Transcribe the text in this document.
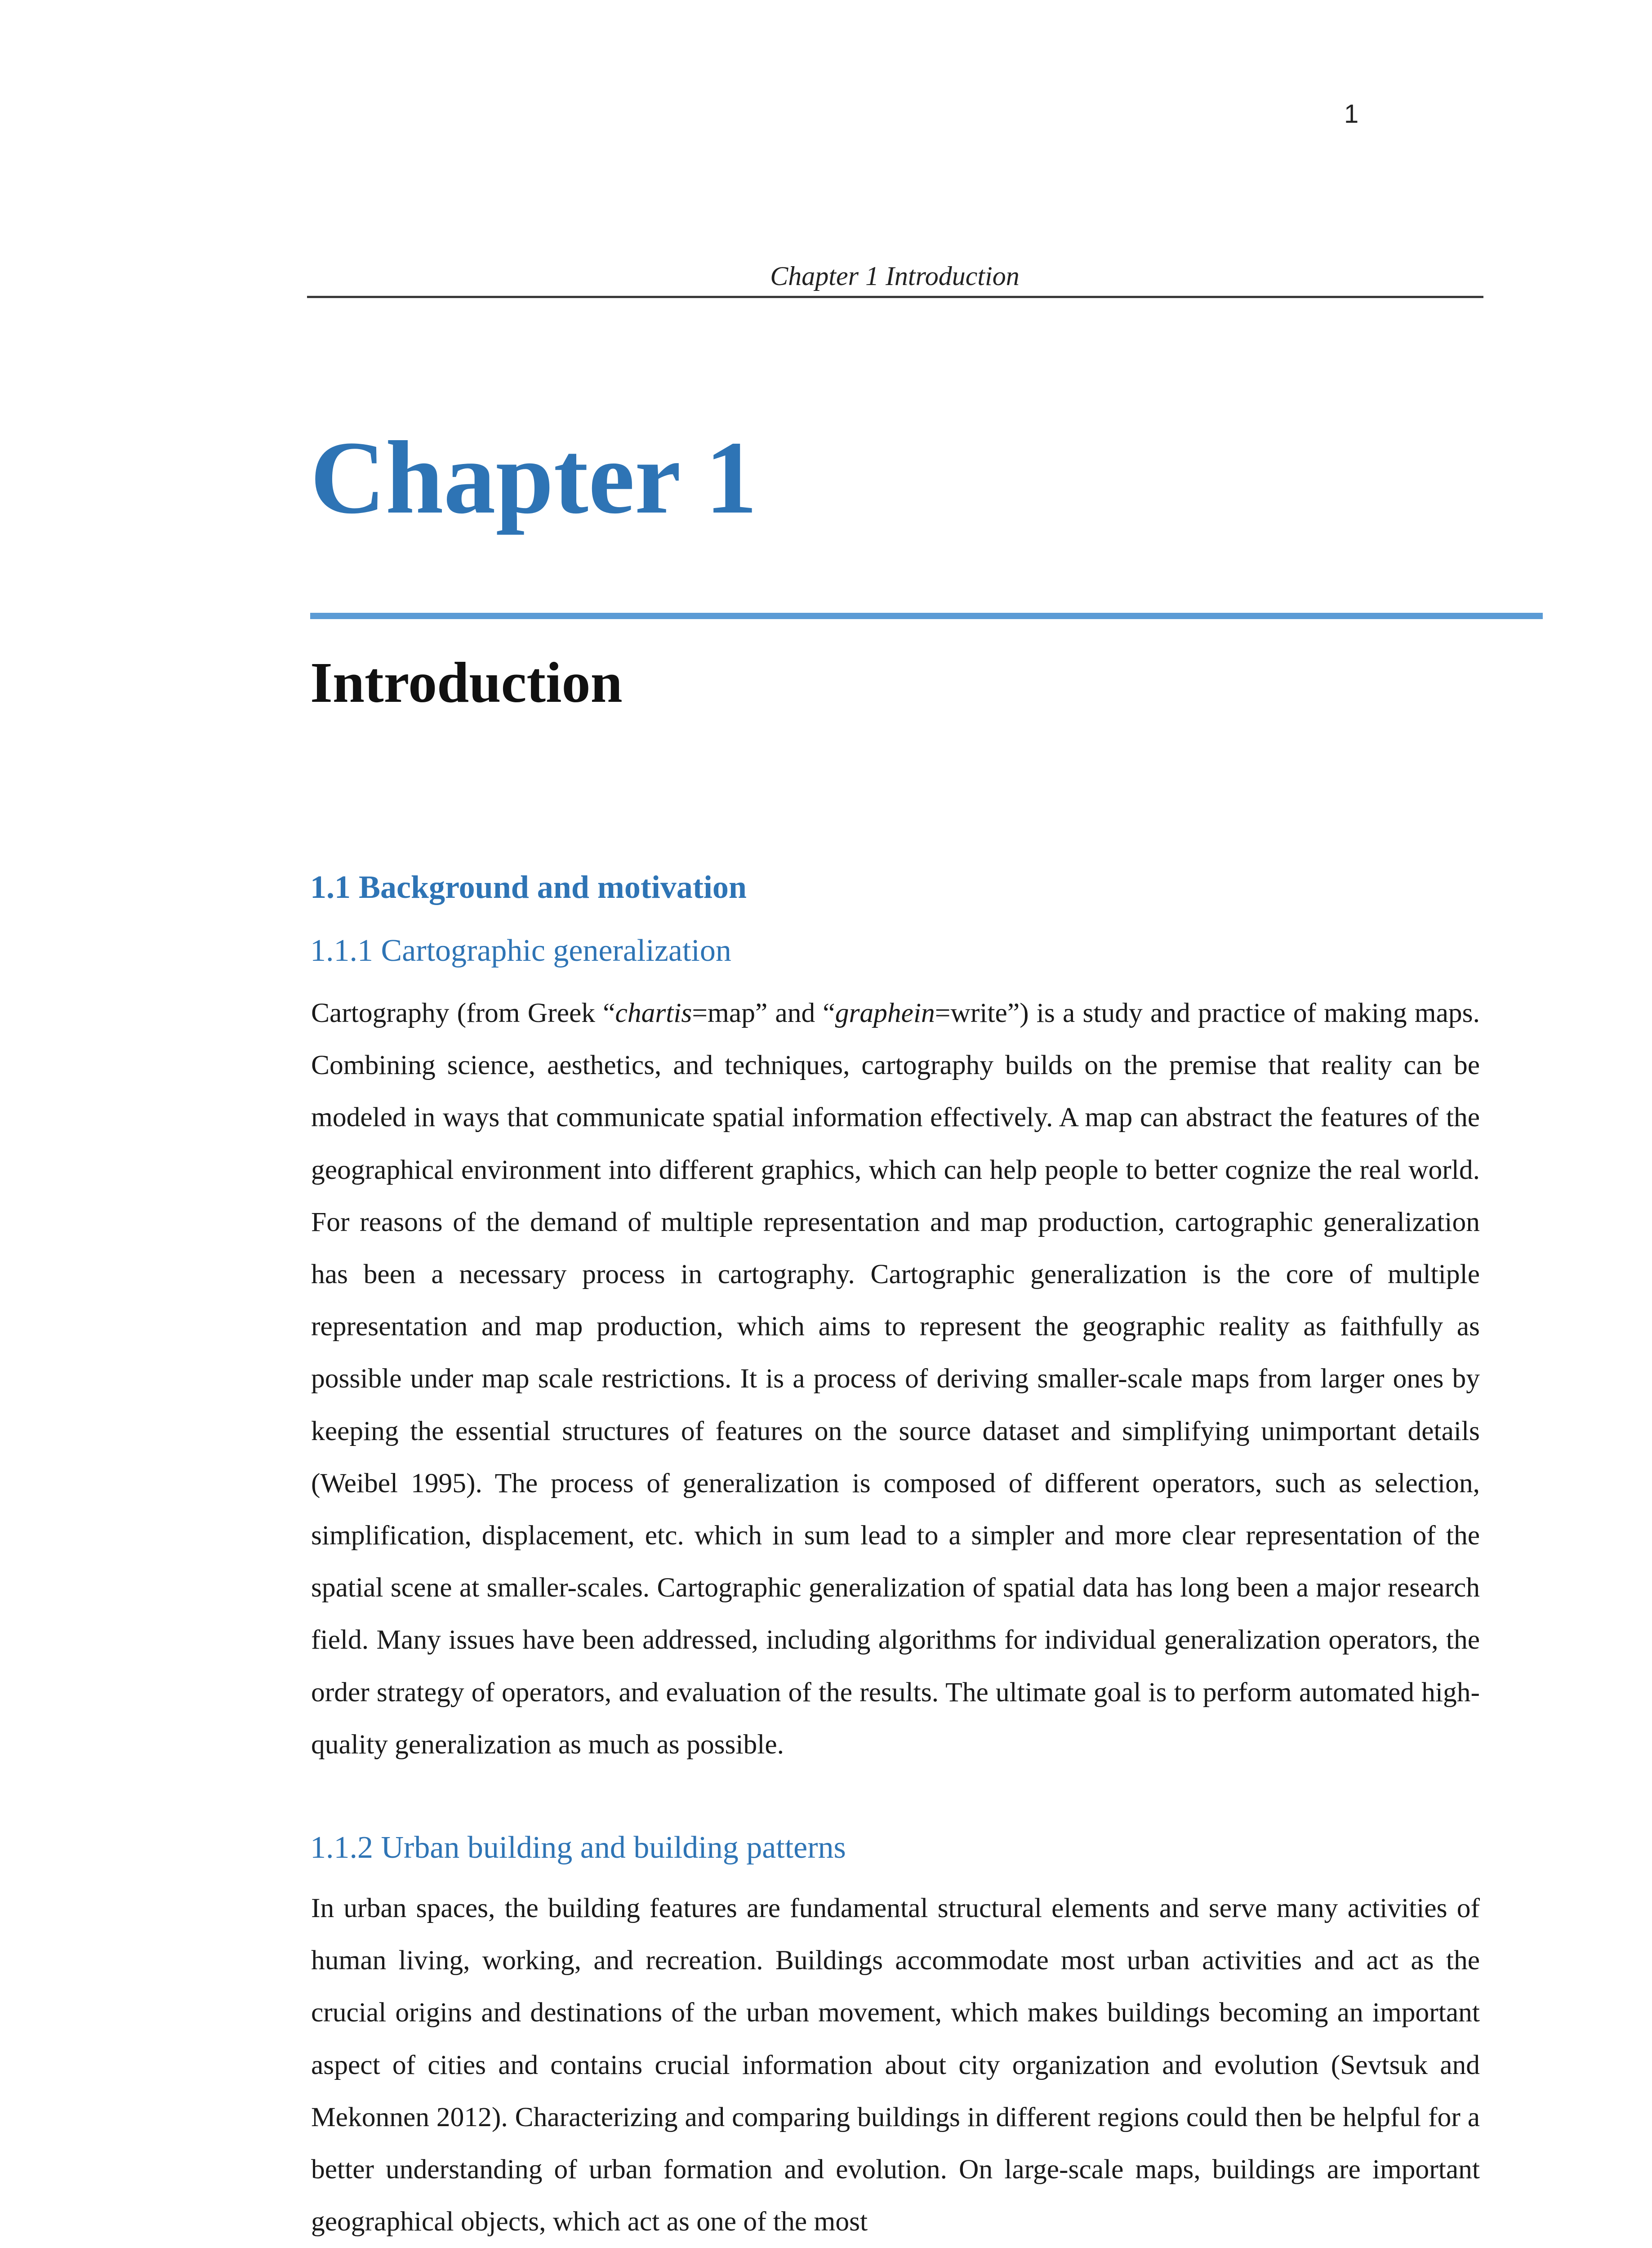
1
Chapter 1 Introduction
Chapter 1
Introduction
1.1 Background and motivation
1.1.1 Cartographic generalization

Cartography (from Greek “chartis=map” and “graphein=write”) is a study and practice of making maps. Combining science, aesthetics, and techniques, cartography builds on the premise that reality can be modeled in ways that communicate spatial information effectively. A map can abstract the features of the geographical environment into different graphics, which can help people to better cognize the real world. For reasons of the demand of multiple representation and map production, cartographic generalization has been a necessary process in cartography. Cartographic generalization is the core of multiple representation and map production, which aims to represent the geographic reality as faithfully as possible under map scale restrictions. It is a process of deriving smaller-scale maps from larger ones by keeping the essential structures of features on the source dataset and simplifying unimportant details (Weibel 1995). The process of generalization is composed of different operators, such as selection, simplification, displacement, etc. which in sum lead to a simpler and more clear representation of the spatial scene at smaller-scales. Cartographic generalization of spatial data has long been a major research field. Many issues have been addressed, including algorithms for individual generalization operators, the order strategy of operators, and evaluation of the results. The ultimate goal is to perform automated high-quality generalization as much as possible.

1.1.2 Urban building and building patterns

In urban spaces, the building features are fundamental structural elements and serve many activities of human living, working, and recreation. Buildings accommodate most urban activities and act as the crucial origins and destinations of the urban movement, which makes buildings becoming an important aspect of cities and contains crucial information about city organization and evolution (Sevtsuk and Mekonnen 2012). Characterizing and comparing buildings in different regions could then be helpful for a better understanding of urban formation and evolution. On large-scale maps, buildings are important geographical objects, which act as one of the most
